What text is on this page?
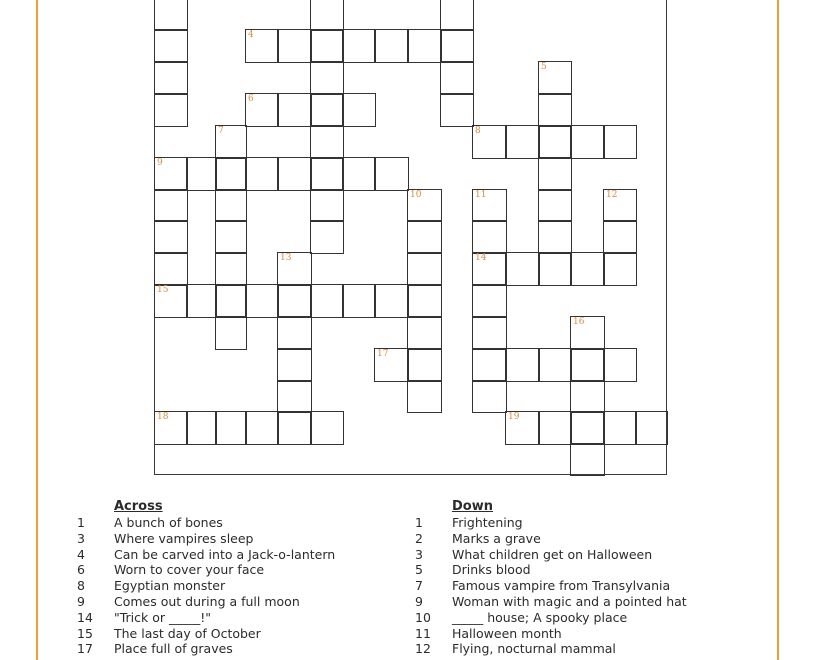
9
15
18
7
4
6
13
17
10
8
11
14
19
5
16
12
Across
1	A bunch of bones
3	Where vampires sleep
4	Can be carved into a Jack-o-lantern
6	Worn to cover your face
8	Egyptian monster
9	Comes out during a full moon
14	"Trick or _____!"
15	The last day of October
17	Place full of graves
Down
1	Frightening
2	Marks a grave
3	What children get on Halloween
5	Drinks blood
7	Famous vampire from Transylvania
9	Woman with magic and a pointed hat
10	_____ house; A spooky place
11	Halloween month
12	Flying, nocturnal mammal
